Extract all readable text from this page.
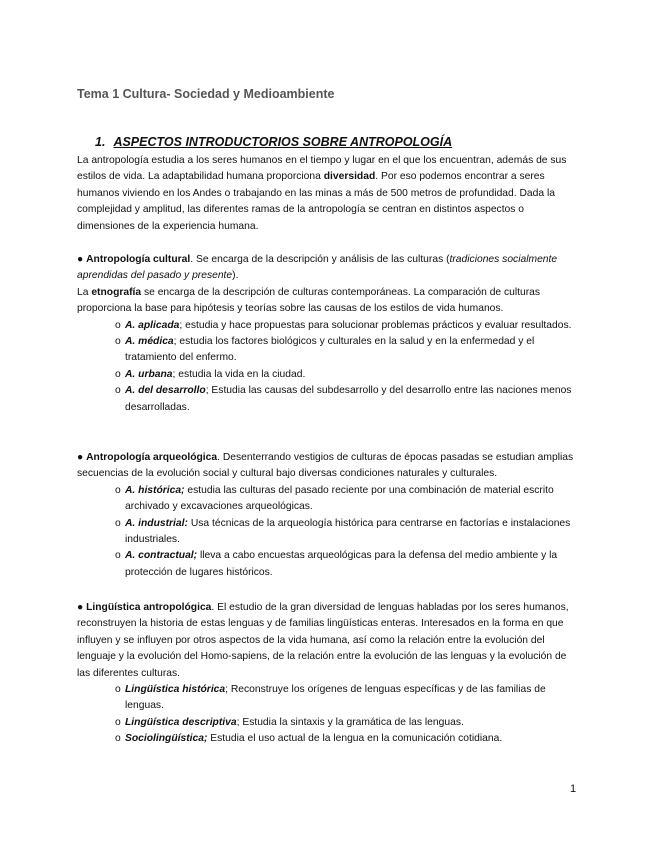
Tema 1 Cultura- Sociedad y Medioambiente
1. ASPECTOS INTRODUCTORIOS SOBRE ANTROPOLOGÍA

La antropología estudia a los seres humanos en el tiempo y lugar en el que los encuentran, además de sus estilos de vida. La adaptabilidad humana proporciona diversidad. Por eso podemos encontrar a seres humanos viviendo en los Andes o trabajando en las minas a más de 500 metros de profundidad. Dada la complejidad y amplitud, las diferentes ramas de la antropología se centran en distintos aspectos o dimensiones de la experiencia humana.

● Antropología cultural. Se encarga de la descripción y análisis de las culturas (tradiciones socialmente aprendidas del pasado y presente).

La etnografía se encarga de la descripción de culturas contemporáneas. La comparación de culturas proporciona la base para hipótesis y teorías sobre las causas de los estilos de vida humanos.

o A. aplicada; estudia y hace propuestas para solucionar problemas prácticos y evaluar resultados.
o A. médica; estudia los factores biológicos y culturales en la salud y en la enfermedad y el tratamiento del enfermo.
o A. urbana; estudia la vida en la ciudad.
o A. del desarrollo; Estudia las causas del subdesarrollo y del desarrollo entre las naciones menos desarrolladas.

● Antropología arqueológica. Desenterrando vestigios de culturas de épocas pasadas se estudian amplias secuencias de la evolución social y cultural bajo diversas condiciones naturales y culturales.

o A. histórica; estudia las culturas del pasado reciente por una combinación de material escrito archivado y excavaciones arqueológicas.
o A. industrial: Usa técnicas de la arqueología histórica para centrarse en factorías e instalaciones industriales.
o A. contractual; lleva a cabo encuestas arqueológicas para la defensa del medio ambiente y la protección de lugares históricos.

● Lingüística antropológica. El estudio de la gran diversidad de lenguas habladas por los seres humanos, reconstruyen la historia de estas lenguas y de familias lingüísticas enteras. Interesados en la forma en que influyen y se influyen por otros aspectos de la vida humana, así como la relación entre la evolución del lenguaje y la evolución del Homo-sapiens, de la relación entre la evolución de las lenguas y la evolución de las diferentes culturas.

o Lingüística histórica; Reconstruye los orígenes de lenguas específicas y de las familias de lenguas.
o Lingüística descriptiva; Estudia la sintaxis y la gramática de las lenguas.
o Sociolingüística; Estudia el uso actual de la lengua en la comunicación cotidiana.
1
